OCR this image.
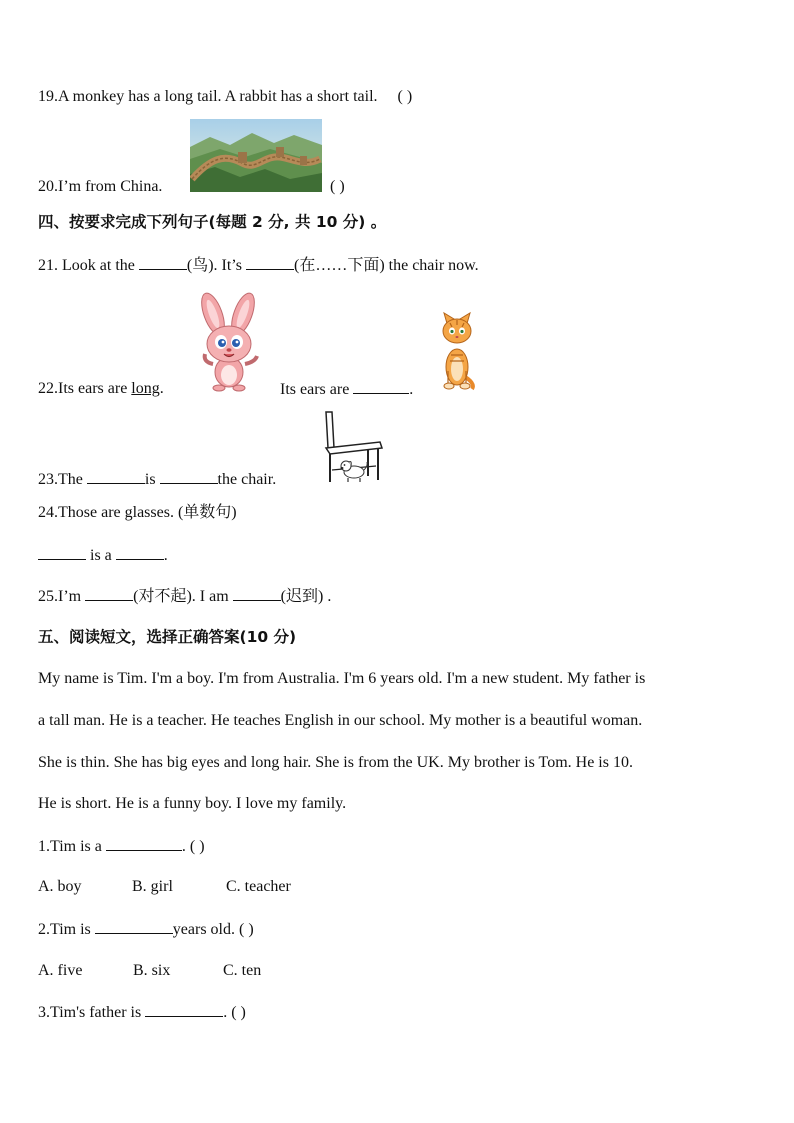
19.A monkey has a long tail. A rabbit has a short tail. ( )
20.I’m from China.	( )
四、按要求完成下列句子(每题 2 分, 共 10 分) 。
21. Look at the	(鸟). It’s	(在……下面) the chair now.
22.Its ears are long.	Its ears are	.
23.The	is	the chair.
24.Those are glasses. (单数句)
is a	.
25.I’m	(对不起). I am	(迟到) .
五、阅读短文，选择正确答案(10 分)
My name is Tim. I'm a boy. I'm from Australia. I'm 6 years old. I'm a new student. My father is
a tall man. He is a teacher. He teaches English in our school. My mother is a beautiful woman.
She is thin. She has big eyes and long hair. She is from the UK. My brother is Tom. He is 10.
He is short. He is a funny boy. I love my family.
1.Tim is a	. ( )
A. boy	B. girl	C. teacher
2.Tim is	years old. ( )
A. five	B. six	C. ten
3.Tim's father is	. ( )
